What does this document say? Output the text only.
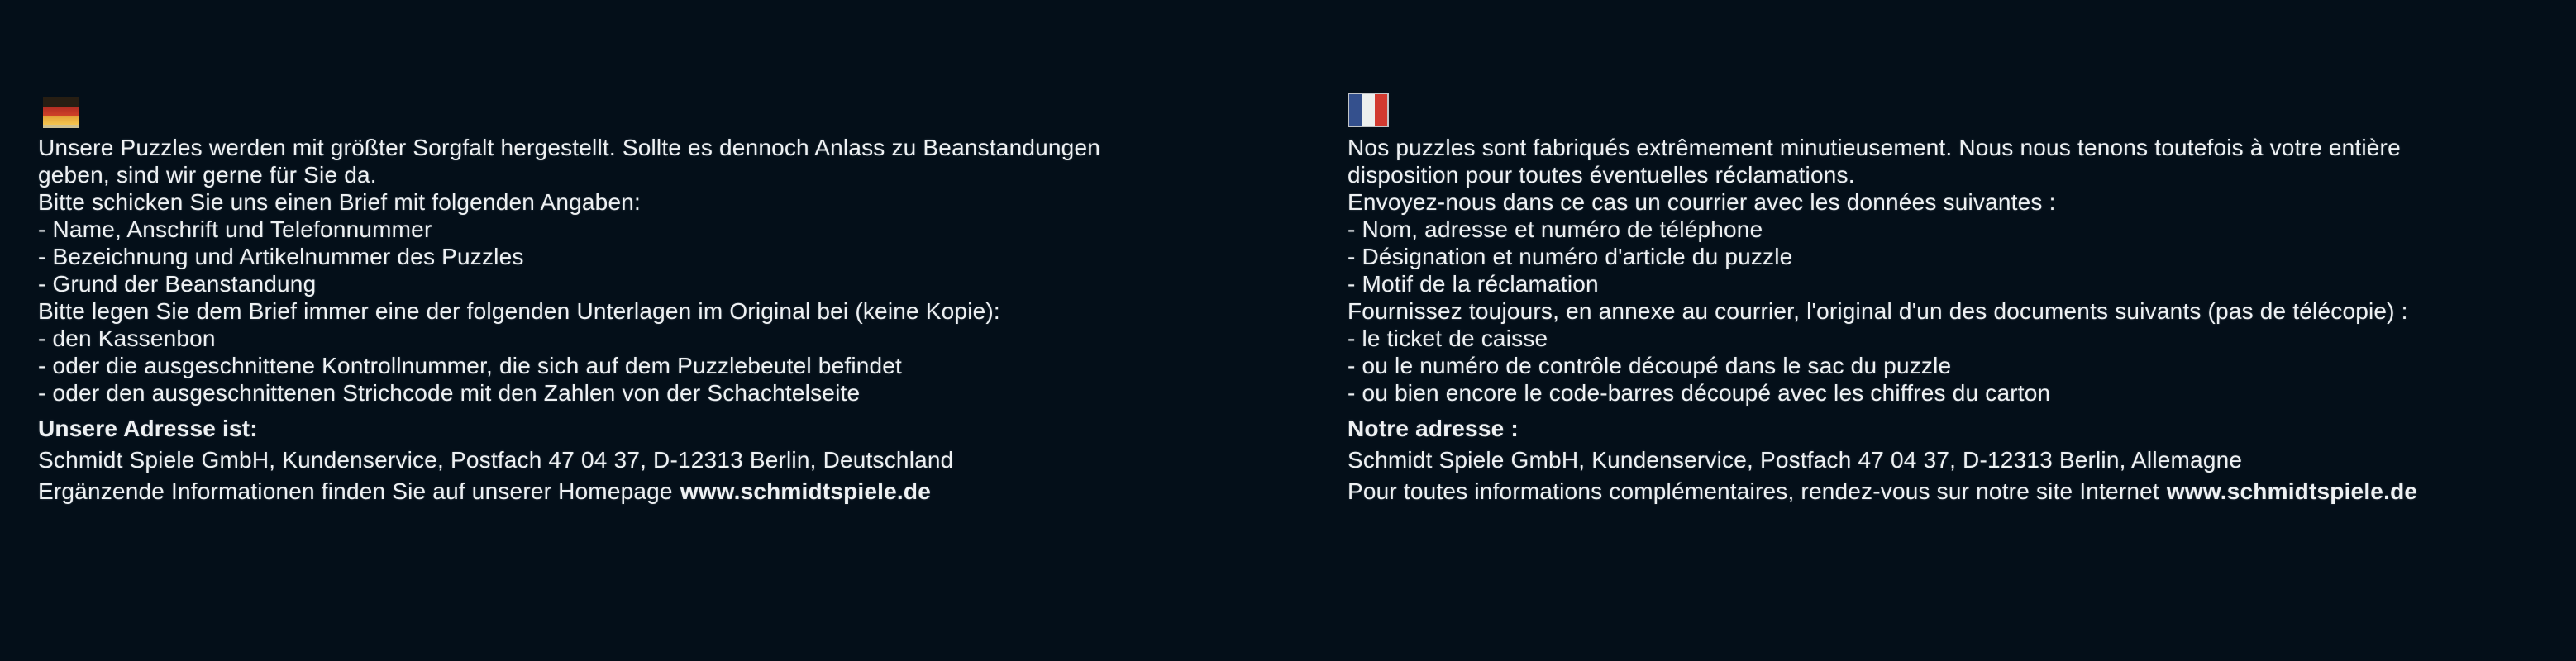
Unsere Puzzles werden mit größter Sorgfalt hergestellt. Sollte es dennoch Anlass zu Beanstandungen
geben, sind wir gerne für Sie da.
Bitte schicken Sie uns einen Brief mit folgenden Angaben:
- Name, Anschrift und Telefonnummer
- Bezeichnung und Artikelnummer des Puzzles
- Grund der Beanstandung
Bitte legen Sie dem Brief immer eine der folgenden Unterlagen im Original bei (keine Kopie):
- den Kassenbon
- oder die ausgeschnittene Kontrollnummer, die sich auf dem Puzzlebeutel befindet
- oder den ausgeschnittenen Strichcode mit den Zahlen von der Schachtelseite
Unsere Adresse ist:
Schmidt Spiele GmbH, Kundenservice, Postfach 47 04 37, D-12313 Berlin, Deutschland
Ergänzende Informationen finden Sie auf unserer Homepage www.schmidtspiele.de
Nos puzzles sont fabriqués extrêmement minutieusement. Nous nous tenons toutefois à votre entière
disposition pour toutes éventuelles réclamations.
Envoyez-nous dans ce cas un courrier avec les données suivantes :
- Nom, adresse et numéro de téléphone
- Désignation et numéro d'article du puzzle
- Motif de la réclamation
Fournissez toujours, en annexe au courrier, l'original d'un des documents suivants (pas de télécopie) :
- le ticket de caisse
- ou le numéro de contrôle découpé dans le sac du puzzle
- ou bien encore le code-barres découpé avec les chiffres du carton
Notre adresse :
Schmidt Spiele GmbH, Kundenservice, Postfach 47 04 37, D-12313 Berlin, Allemagne
Pour toutes informations complémentaires, rendez-vous sur notre site Internet www.schmidtspiele.de
